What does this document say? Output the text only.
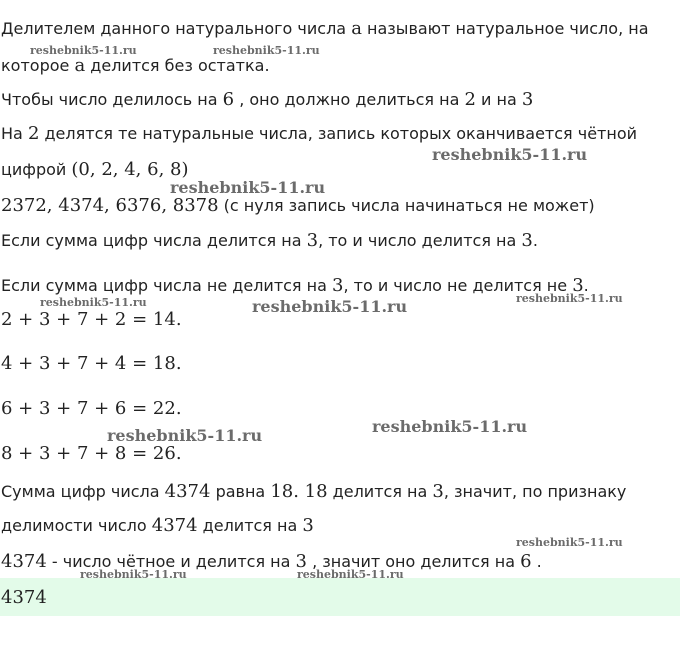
Делителем данного натурального числа a называют натуральное число, на
которое a делится без остатка.
Чтобы число делилось на 6 , оно должно делиться на 2 и на 3
На 2 делятся те натуральные числа, запись которых оканчивается чётной
цифрой (0, 2, 4, 6, 8)
2372, 4374, 6376, 8378 (с нуля запись числа начинаться не может)
Если сумма цифр числа делится на 3, то и число делится на 3.
Если сумма цифр числа не делится на 3, то и число не делится не 3.
2 + 3 + 7 + 2 = 14.
4 + 3 + 7 + 4 = 18.
6 + 3 + 7 + 6 = 22.
8 + 3 + 7 + 8 = 26.
Сумма цифр числа 4374 равна 18. 18 делится на 3, значит, по признаку
делимости число 4374 делится на 3
4374 - число чётное и делится на 3 , значит оно делится на 6 .
4374
reshebnik5-11.ru	reshebnik5-11.ru
reshebnik5-11.ru
reshebnik5-11.ru
reshebnik5-11.ru	reshebnik5-11.ru	reshebnik5-11.ru
reshebnik5-11.ru
reshebnik5-11.ru
reshebnik5-11.ru
reshebnik5-11.ru	reshebnik5-11.ru
